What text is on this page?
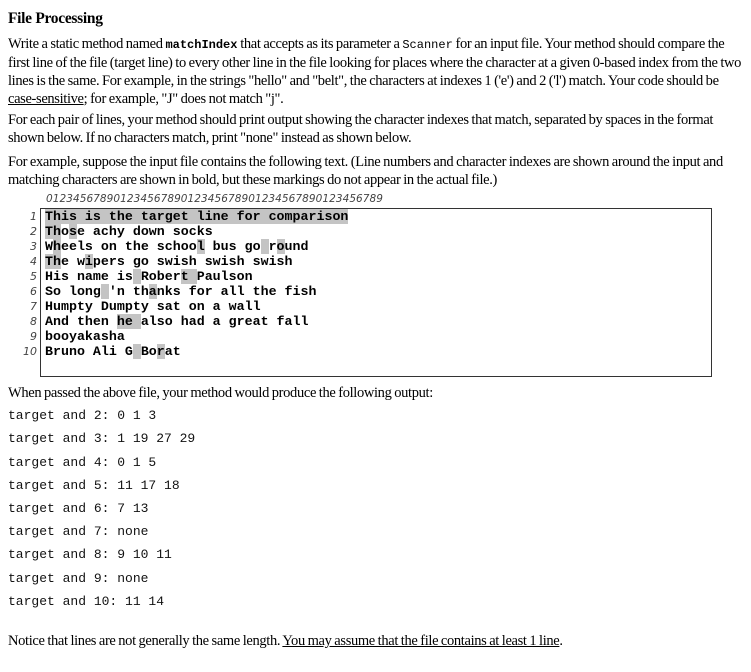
File Processing
Write a static method named matchIndex that accepts as its parameter a Scanner for an input file. Your method should compare the first line of the file (target line) to every other line in the file looking for places where the character at a given 0-based index from the two lines is the same. For example, in the strings "hello" and "belt", the characters at indexes 1 ('e') and 2 ('l') match. Your code should be case-sensitive; for example, "J" does not match "j".
For each pair of lines, your method should print output showing the character indexes that match, separated by spaces in the format shown below. If no characters match, print "none" instead as shown below.
For example, suppose the input file contains the following text. (Line numbers and character indexes are shown around the input and matching characters are shown in bold, but these markings do not appear in the actual file.)
01234567890123456789012345678901234567890123456789
1
2
3
4
5
6
7
8
9
10
This is the target line for comparison
Those achy down socks
Wheels on the school bus go round
The wipers go swish swish swish
His name is Robert Paulson
So long 'n thanks for all the fish
Humpty Dumpty sat on a wall
And then he also had a great fall
booyakasha
Bruno Ali G Borat
When passed the above file, your method would produce the following output:
target and 2: 0 1 3
target and 3: 1 19 27 29
target and 4: 0 1 5
target and 5: 11 17 18
target and 6: 7 13
target and 7: none
target and 8: 9 10 11
target and 9: none
target and 10: 11 14
Notice that lines are not generally the same length. You may assume that the file contains at least 1 line.
